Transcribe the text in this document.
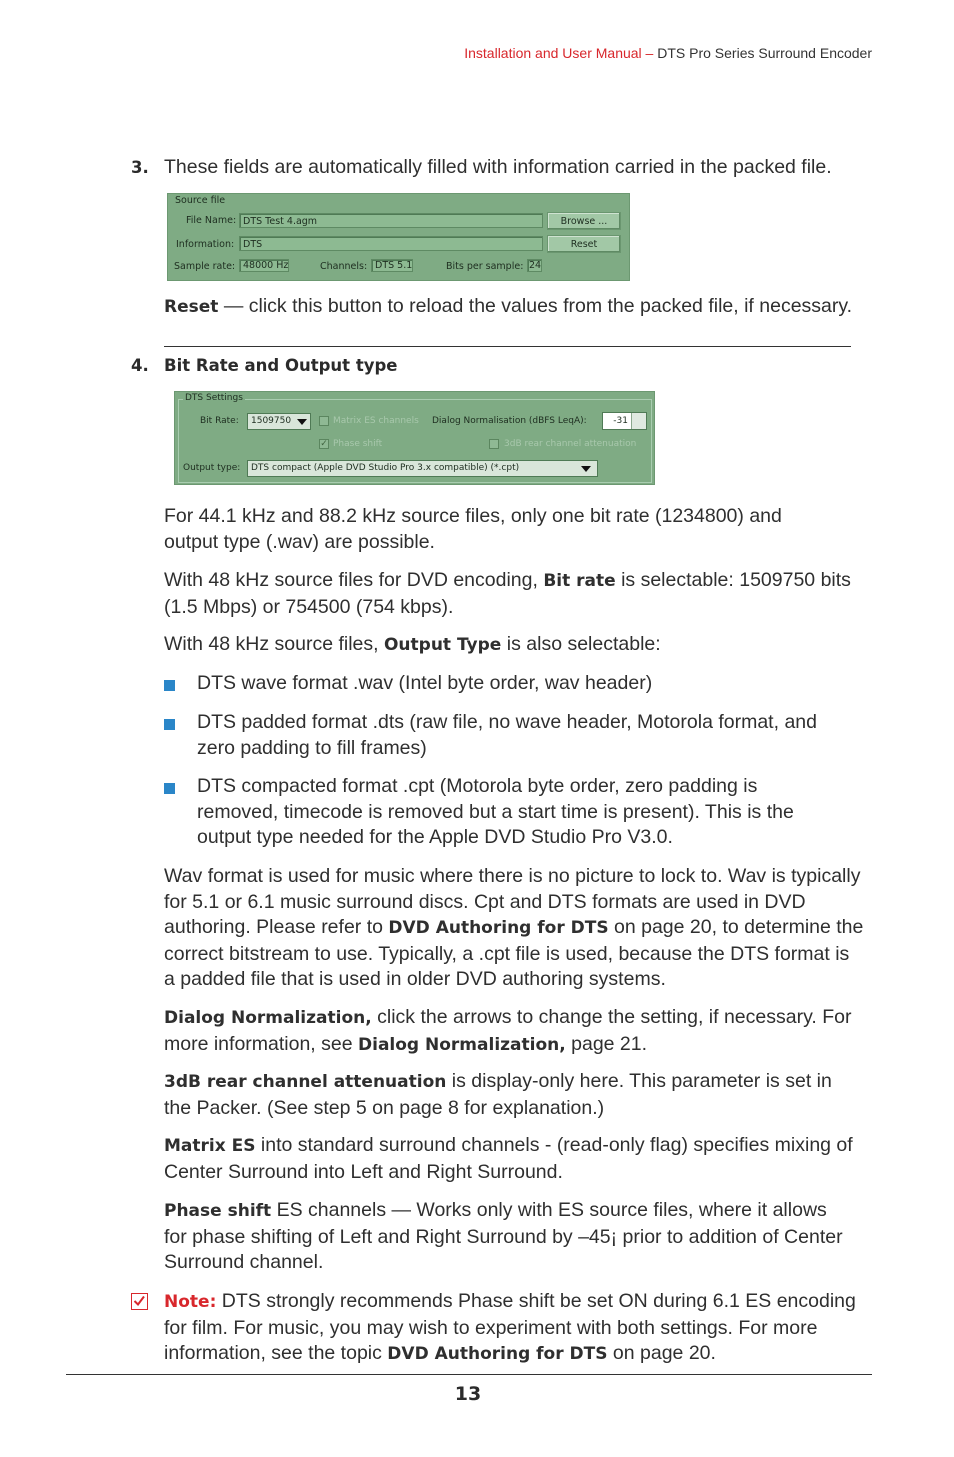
Installation and User Manual – DTS Pro Series Surround Encoder
3. These fields are automatically filled with information carried in the packed file.
Source file
File Name: DTS Test 4.agm	Browse ...
Information: DTS	Reset
Sample rate: 48000 Hz	Channels: DTS 5.1	Bits per sample: 24
Reset — click this button to reload the values from the packed file, if necessary.
4. Bit Rate and Output type
DTS Settings
Bit Rate:	1509750	Matrix ES channels Dialog Normalisation (dBFS LeqA):	-31
✓ Phase shift	3dB rear channel attenuation
Output type:	DTS compact (Apple DVD Studio Pro 3.x compatible) (*.cpt)
For 44.1 kHz and 88.2 kHz source files, only one bit rate (1234800) and output type (.wav) are possible.
With 48 kHz source files for DVD encoding, Bit rate is selectable: 1509750 bits (1.5 Mbps) or 754500 (754 kbps).
With 48 kHz source files, Output Type is also selectable:
DTS wave format .wav (Intel byte order, wav header)
DTS padded format .dts (raw file, no wave header, Motorola format, and zero padding to fill frames)
DTS compacted format .cpt (Motorola byte order, zero padding is removed, timecode is removed but a start time is present). This is the output type needed for the Apple DVD Studio Pro V3.0.
Wav format is used for music where there is no picture to lock to. Wav is typically for 5.1 or 6.1 music surround discs. Cpt and DTS formats are used in DVD authoring. Please refer to DVD Authoring for DTS on page 20, to determine the correct bitstream to use. Typically, a .cpt file is used, because the DTS format is a padded file that is used in older DVD authoring systems.
Dialog Normalization, click the arrows to change the setting, if necessary. For more information, see Dialog Normalization, page 21.
3dB rear channel attenuation is display-only here. This parameter is set in the Packer. (See step 5 on page 8 for explanation.)
Matrix ES into standard surround channels - (read-only flag) specifies mixing of Center Surround into Left and Right Surround.
Phase shift ES channels — Works only with ES source files, where it allows for phase shifting of Left and Right Surround by –45¡ prior to addition of Center Surround channel.
Note: DTS strongly recommends Phase shift be set ON during 6.1 ES encoding for film. For music, you may wish to experiment with both settings. For more information, see the topic DVD Authoring for DTS on page 20.
13
